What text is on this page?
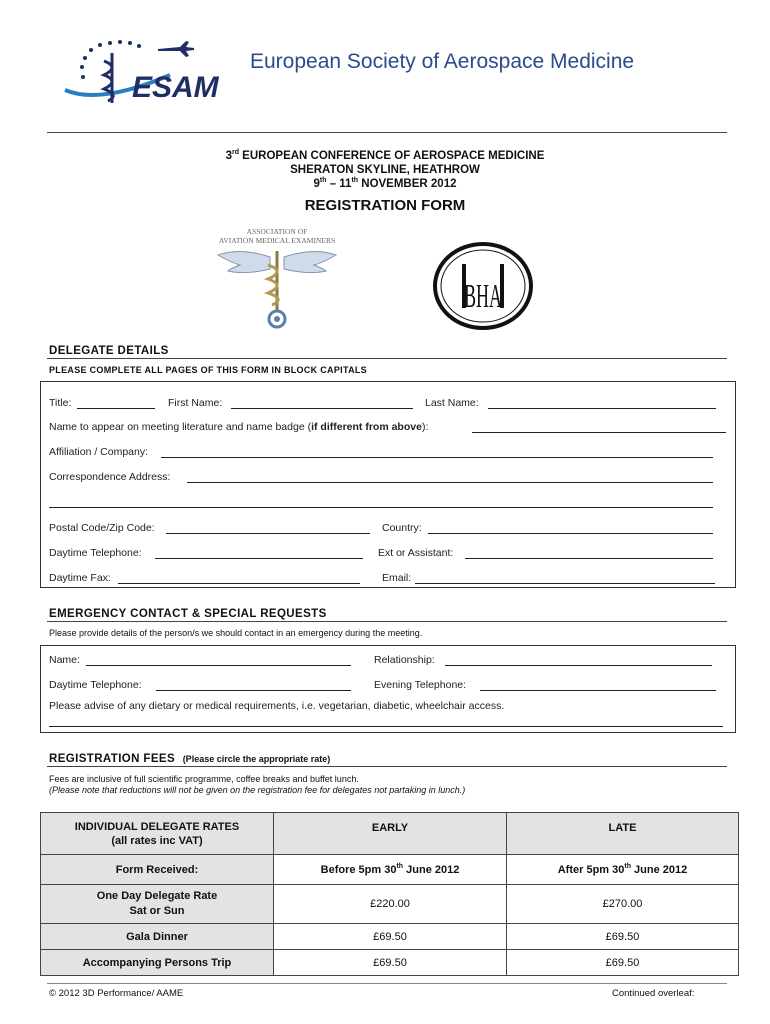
ESAM
European Society of Aerospace Medicine
3rd EUROPEAN CONFERENCE OF AEROSPACE MEDICINE
SHERATON SKYLINE, HEATHROW
9th – 11th NOVEMBER 2012
REGISTRATION FORM
ASSOCIATION OF
AVIATION MEDICAL EXAMINERS
BHA
DELEGATE DETAILS
PLEASE COMPLETE ALL PAGES OF THIS FORM IN BLOCK CAPITALS
Title:	First Name:	Last Name:
Name to appear on meeting literature and name badge (if different from above):
Affiliation / Company:
Correspondence Address:
Postal Code/Zip Code:	Country:
Daytime Telephone:	Ext or Assistant:
Daytime Fax:	Email:
EMERGENCY CONTACT & SPECIAL REQUESTS
Please provide details of the person/s we should contact in an emergency during the meeting.
Name:	Relationship:
Daytime Telephone:	Evening Telephone:
Please advise of any dietary or medical requirements, i.e. vegetarian, diabetic, wheelchair access.
REGISTRATION FEES (Please circle the appropriate rate)
Fees are inclusive of full scientific programme, coffee breaks and buffet lunch.
(Please note that reductions will not be given on the registration fee for delegates not partaking in lunch.)
INDIVIDUAL DELEGATE RATES
(all rates inc VAT)	EARLY	LATE
Form Received:	Before 5pm 30th June 2012	After 5pm 30th June 2012
One Day Delegate Rate
Sat or Sun	£220.00	£270.00
Gala Dinner	£69.50	£69.50
Accompanying Persons Trip	£69.50	£69.50
© 2012 3D Performance/ AAME	Continued overleaf:
